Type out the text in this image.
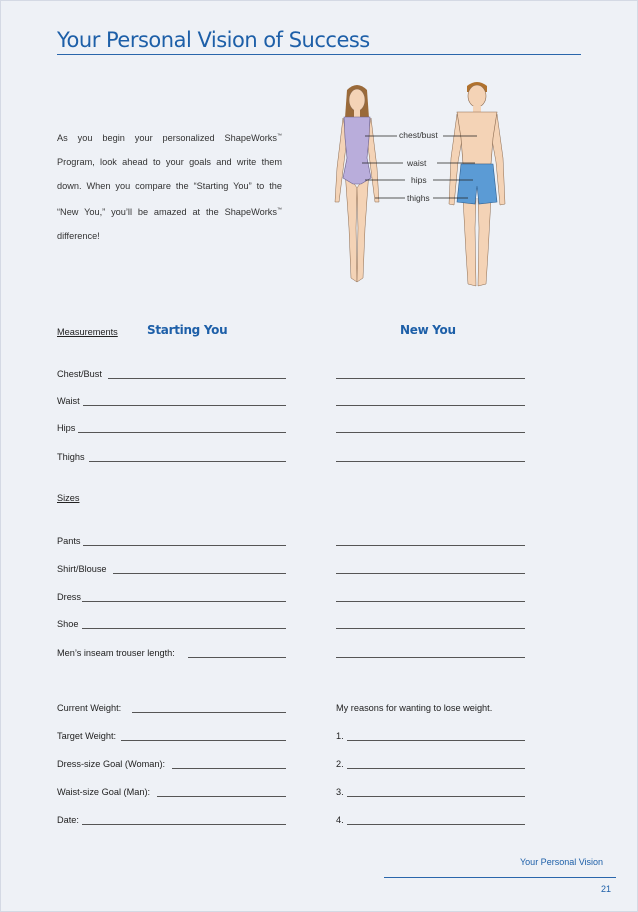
Your Personal Vision of Success
As you begin your personalized ShapeWorks™ Program, look ahead to your goals and write them down. When you compare the “Starting You” to the “New You,” you’ll be amazed at the ShapeWorks™ difference!
chest/bust
waist
hips
thighs
Measurements Starting You	New You
Chest/Bust
Waist
Hips
Thighs
Sizes
Pants
Shirt/Blouse
Dress
Shoe
Men’s inseam trouser length:
Current Weight:
Target Weight:
Dress-size Goal (Woman):
Waist-size Goal (Man):
Date:
My reasons for wanting to lose weight.
1.
2.
3.
4.
Your Personal Vision
21
